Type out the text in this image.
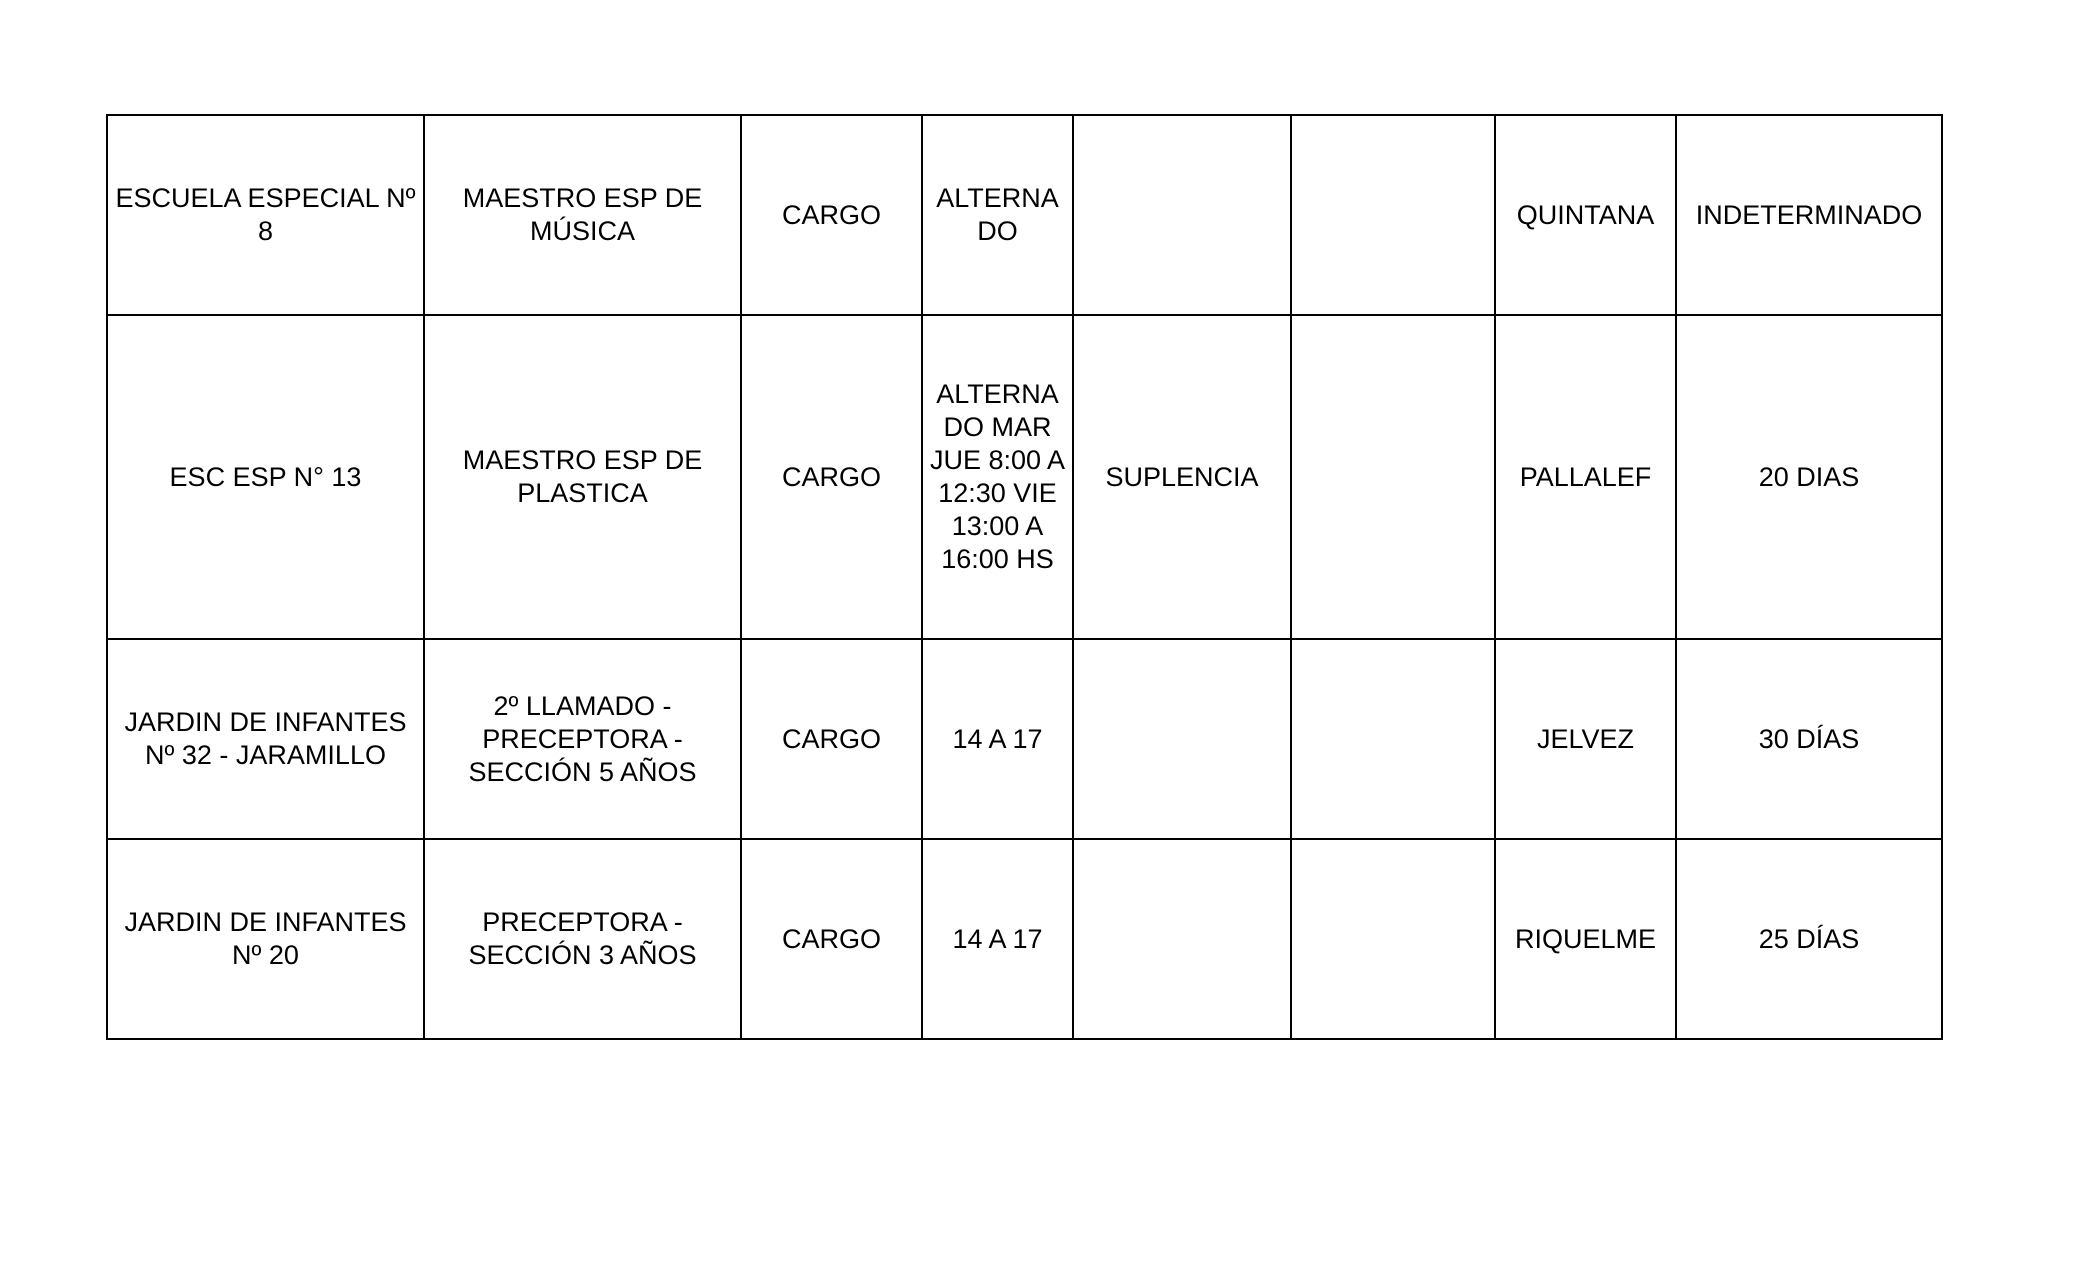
ESCUELA ESPECIAL Nº 8	MAESTRO ESP DE MÚSICA	CARGO	ALTERNA DO			QUINTANA	INDETERMINADO
ESC ESP N° 13	MAESTRO ESP DE PLASTICA	CARGO	ALTERNA DO MAR JUE 8:00 A 12:30 VIE 13:00 A 16:00 HS	SUPLENCIA		PALLALEF	20 DIAS
JARDIN DE INFANTES Nº 32 - JARAMILLO	2º LLAMADO - PRECEPTORA - SECCIÓN 5 AÑOS	CARGO	14 A 17			JELVEZ	30 DÍAS
JARDIN DE INFANTES Nº 20	PRECEPTORA - SECCIÓN 3 AÑOS	CARGO	14 A 17			RIQUELME	25 DÍAS
